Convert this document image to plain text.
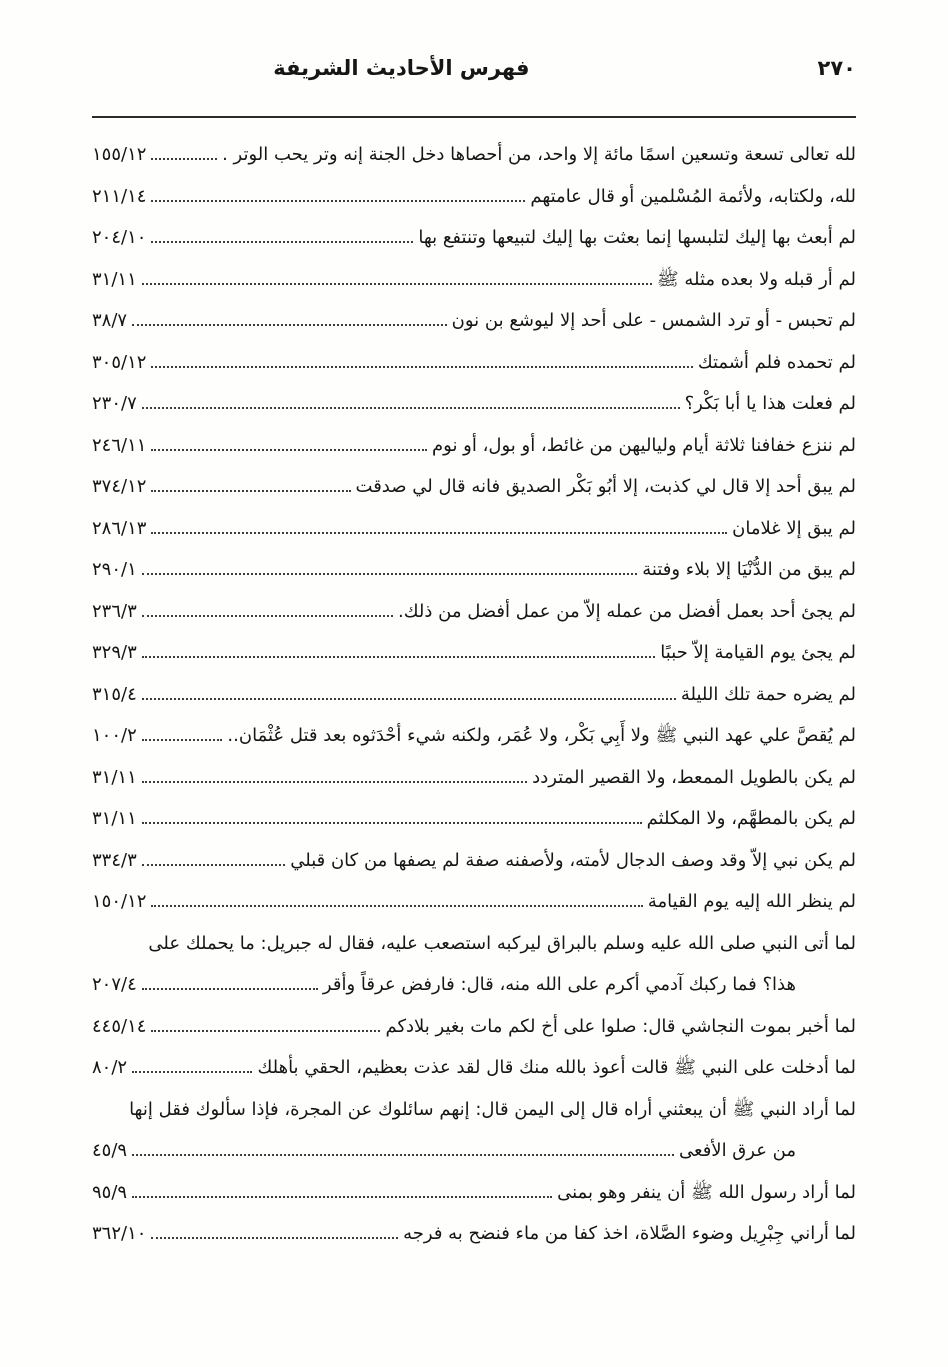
٢٧٠
فهرس الأحاديث الشريفة
لله تعالى تسعة وتسعين اسمًا مائة إلا واحد، من أحصاها دخل الجنة إنه وتر يحب الوتر .
١٥٥/١٢
لله، ولكتابه، ولأئمة المُسْلمين أو قال عامتهم
٢١١/١٤
لم أبعث بها إليك لتلبسها إنما بعثت بها إليك لتبيعها وتنتفع بها
٢٠٤/١٠
لم أر قبله ولا بعده مثله ﷺ
٣١/١١
لم تحبس - أو ترد الشمس - على أحد إلا ليوشع بن نون
٣٨/٧
لم تحمده فلم أشمتك
٣٠٥/١٢
لم فعلت هذا يا أبا بَكْر؟
٢٣٠/٧
لم ننزع خفافنا ثلاثة أيام ولياليهن من غائط، أو بول، أو نوم
٢٤٦/١١
لم يبق أحد إلا قال لي كذبت، إلا أبُو بَكْر الصديق فانه قال لي صدقت
٣٧٤/١٢
لم يبق إلا غلامان
٢٨٦/١٣
لم يبق من الدُّنْيَا إلا بلاء وفتنة
٢٩٠/١
لم يجئ أحد بعمل أفضل من عمله إلاّ من عمل أفضل من ذلك.
٢٣٦/٣
لم يجئ يوم القيامة إلاّ حببًا
٣٢٩/٣
لم يضره حمة تلك الليلة
٣١٥/٤
لم يُقصَّ علي عهد النبي ﷺ ولا أَبِي بَكْر، ولا عُمَر، ولكنه شيء أحْدَثوه بعد قتل عُثْمَان..
١٠٠/٢
لم يكن بالطويل الممعط، ولا القصير المتردد
٣١/١١
لم يكن بالمطهَّم، ولا المكلثم
٣١/١١
لم يكن نبي إلاّ وقد وصف الدجال لأمته، ولأصفنه صفة لم يصفها من كان قبلي
٣٣٤/٣
لم ينظر الله إليه يوم القيامة
١٥٠/١٢
لما أتى النبي صلى الله عليه وسلم بالبراق ليركبه استصعب عليه، فقال له جبريل: ما يحملك على
هذا؟ فما ركبك آدمي أكرم على الله منه، قال: فارفض عرقاً وأقر
٢٠٧/٤
لما أخبر بموت النجاشي قال: صلوا على أخ لكم مات بغير بلادكم
٤٤٥/١٤
لما أدخلت على النبي ﷺ قالت أعوذ بالله منك قال لقد عذت بعظيم، الحقي بأهلك
٨٠/٢
لما أراد النبي ﷺ أن يبعثني أراه قال إلى اليمن قال: إنهم سائلوك عن المجرة، فإذا سألوك فقل إنها
من عرق الأفعى
٤٥/٩
لما أراد رسول الله ﷺ أن ينفر وهو بمنى
٩٥/٩
لما أراني جِبْرِيل وضوء الصَّلاة، اخذ كفا من ماء فنضح به فرجه
٣٦٢/١٠
